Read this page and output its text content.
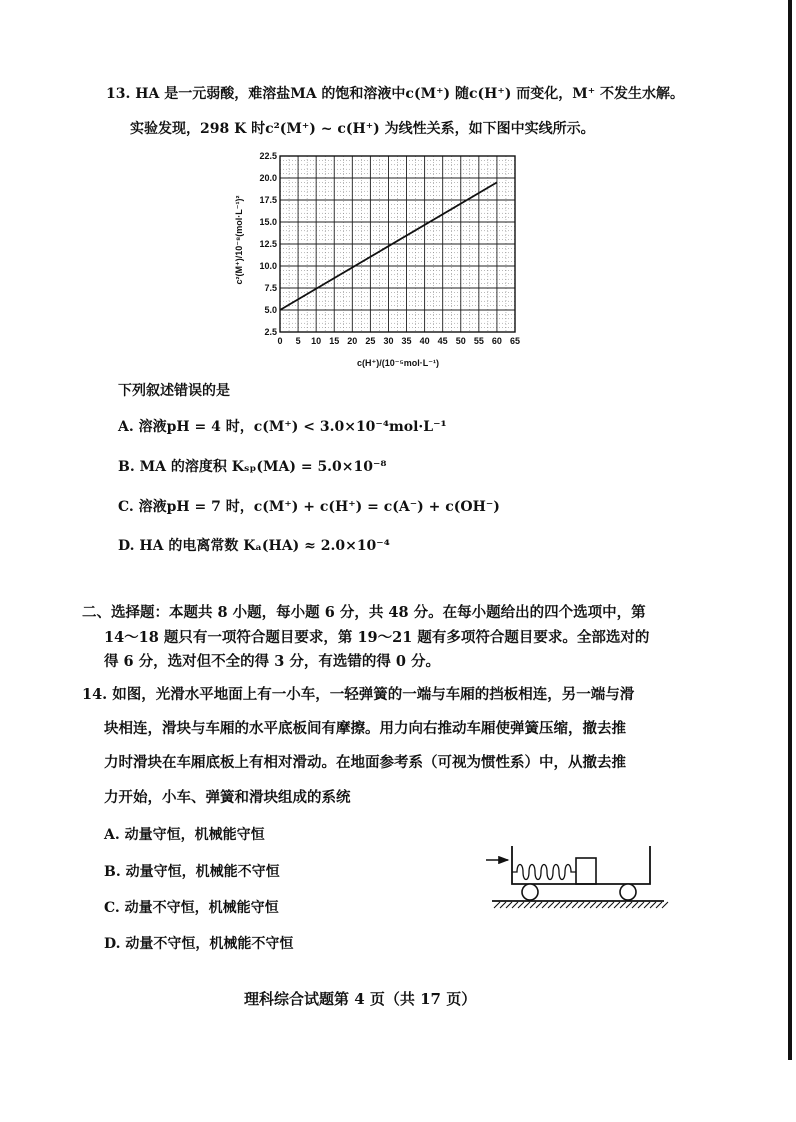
13. HA 是一元弱酸，难溶盐MA 的饱和溶液中c(M⁺) 随c(H⁺) 而变化，M⁺ 不发生水解。
实验发现，298 K 时c²(M⁺) ~ c(H⁺) 为线性关系，如下图中实线所示。
0 5 10 15 20 25 30 35 40 45 50 55 60 65
2.5
5.0
7.5
10.0
12.5
15.0
17.5
20.0
22.5
c(H⁺)/(10⁻⁵mol·L⁻¹)
c²(M⁺)/10⁻⁸(mol·L⁻¹)²
下列叙述错误的是
A. 溶液pH = 4 时，c(M⁺) < 3.0×10⁻⁴mol·L⁻¹
B. MA 的溶度积 Kₛₚ(MA) = 5.0×10⁻⁸
C. 溶液pH = 7 时，c(M⁺) + c(H⁺) = c(A⁻) + c(OH⁻)
D. HA 的电离常数 Kₐ(HA) ≈ 2.0×10⁻⁴
二、选择题：本题共 8 小题，每小题 6 分，共 48 分。在每小题给出的四个选项中，第
14～18 题只有一项符合题目要求，第 19～21 题有多项符合题目要求。全部选对的
得 6 分，选对但不全的得 3 分，有选错的得 0 分。
14. 如图，光滑水平地面上有一小车，一轻弹簧的一端与车厢的挡板相连，另一端与滑
块相连，滑块与车厢的水平底板间有摩擦。用力向右推动车厢使弹簧压缩，撤去推
力时滑块在车厢底板上有相对滑动。在地面参考系（可视为惯性系）中，从撤去推
力开始，小车、弹簧和滑块组成的系统
A. 动量守恒，机械能守恒
B. 动量守恒，机械能不守恒
C. 动量不守恒，机械能守恒
D. 动量不守恒，机械能不守恒
理科综合试题第 4 页（共 17 页）
